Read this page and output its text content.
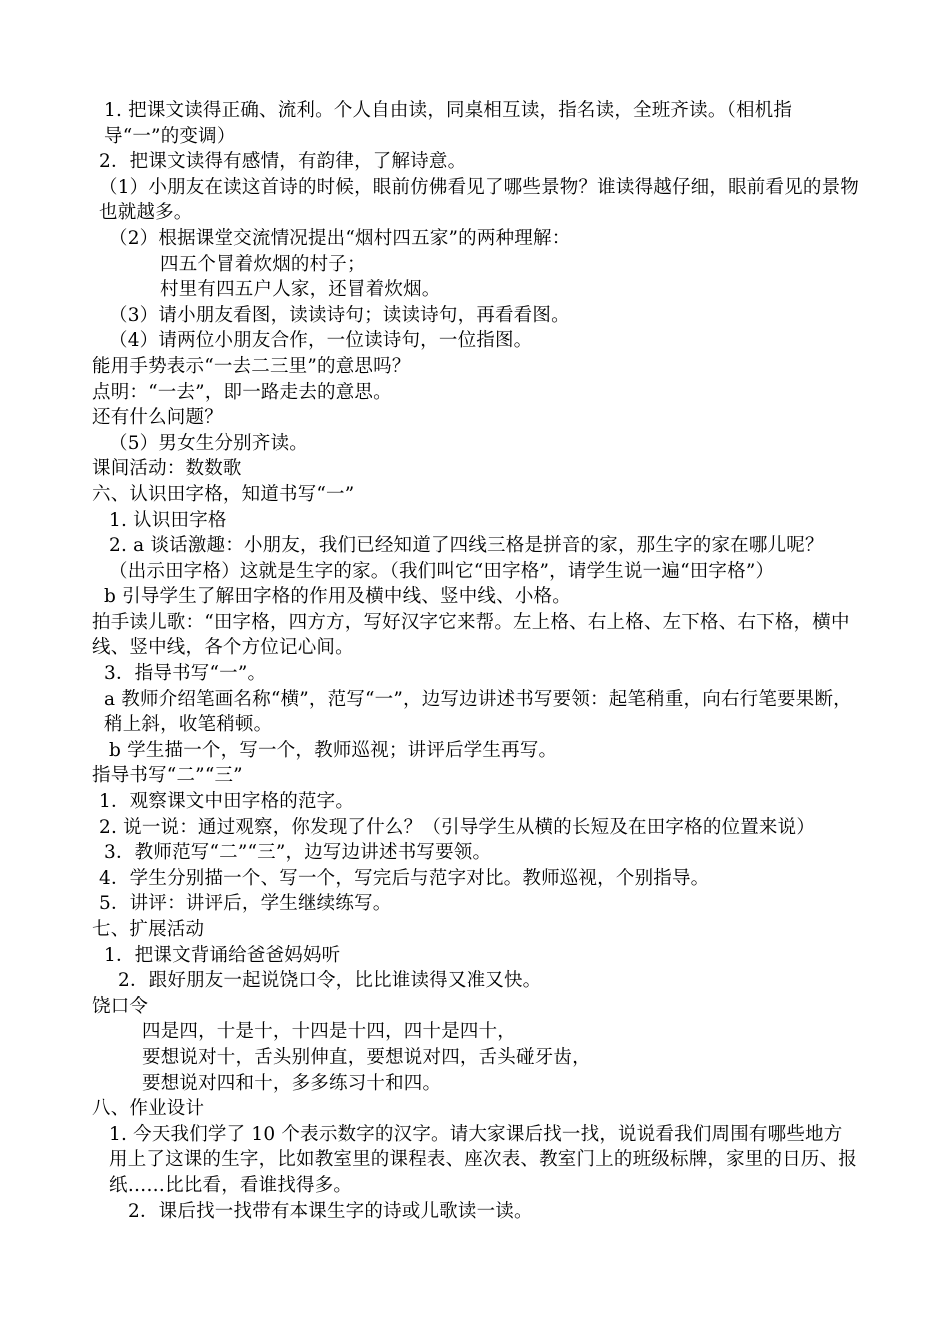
1. 把课文读得正确、流利。个人自由读，同桌相互读，指名读，全班齐读。（相机指导“一”的变调）

2．把课文读得有感情，有韵律，了解诗意。

（1）小朋友在读这首诗的时候，眼前仿佛看见了哪些景物？谁读得越仔细，眼前看见的景物也就越多。

（2）根据课堂交流情况提出“烟村四五家”的两种理解：

四五个冒着炊烟的村子；

村里有四五户人家，还冒着炊烟。

（3）请小朋友看图，读读诗句；读读诗句，再看看图。

（4）请两位小朋友合作，一位读诗句，一位指图。

能用手势表示“一去二三里”的意思吗？

点明：“一去”，即一路走去的意思。

还有什么问题？

（5）男女生分别齐读。

课间活动：数数歌

六、认识田字格，知道书写“一”

1. 认识田字格

2. a 谈话激趣：小朋友，我们已经知道了四线三格是拼音的家，那生字的家在哪儿呢？（出示田字格）这就是生字的家。（我们叫它“田字格”，请学生说一遍“田字格”）

b 引导学生了解田字格的作用及横中线、竖中线、小格。

拍手读儿歌：“田字格，四方方，写好汉字它来帮。左上格、右上格、左下格、右下格，横中线、竖中线，各个方位记心间。

3．指导书写“一”。

a 教师介绍笔画名称“横”，范写“一”，边写边讲述书写要领：起笔稍重，向右行笔要果断，稍上斜，收笔稍顿。

b 学生描一个，写一个，教师巡视；讲评后学生再写。

指导书写“二”“三”

1．观察课文中田字格的范字。

2. 说一说：通过观察，你发现了什么？（引导学生从横的长短及在田字格的位置来说）

3．教师范写“二”“三”，边写边讲述书写要领。

4．学生分别描一个、写一个，写完后与范字对比。教师巡视，个别指导。

5．讲评：讲评后，学生继续练写。

七、扩展活动

1．把课文背诵给爸爸妈妈听

2．跟好朋友一起说饶口令，比比谁读得又准又快。

饶口令

四是四，十是十，十四是十四，四十是四十，

要想说对十，舌头别伸直，要想说对四，舌头碰牙齿，

要想说对四和十，多多练习十和四。

八、作业设计

1. 今天我们学了 10 个表示数字的汉字。请大家课后找一找，说说看我们周围有哪些地方用上了这课的生字，比如教室里的课程表、座次表、教室门上的班级标牌，家里的日历、报纸……比比看，看谁找得多。

2．课后找一找带有本课生字的诗或儿歌读一读。
